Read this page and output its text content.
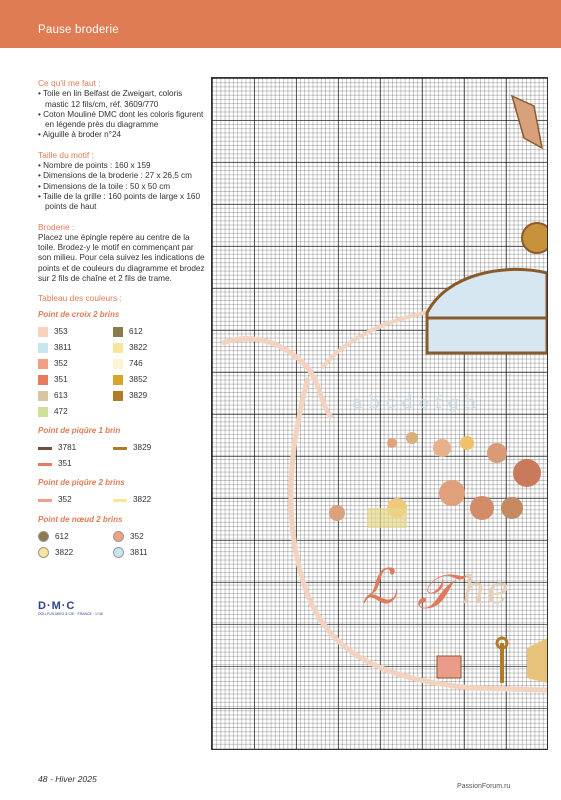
Pause broderie
Ce qu'il me faut :
• Toile en lin Belfast de Zweigart, coloris mastic 12 fils/cm, réf. 3609/770
• Coton Mouliné DMC dont les coloris figurent en légende près du diagramme
• Aiguille à broder n°24
Taille du motif :
• Nombre de points : 160 x 159
• Dimensions de la broderie : 27 x 26,5 cm
• Dimensions de la toile : 50 x 50 cm
• Taille de la grille : 160 points de large x 160 points de haut
Broderie :
Placez une épingle repère au centre de la toile. Brodez-y le motif en commençant par son milieu. Pour cela suivez les indications de points et de couleurs du diagramme et brodez sur 2 fils de chaîne et 2 fils de trame.
Tableau des couleurs :
Point de croix 2 brins
353	612
3811	3822
352	746
351	3852
613	3829
472
Point de piqûre 1 brin
3781	3829
351
Point de piqûre 2 brins
352	3822
Point de nœud 2 brins
612	352
3822	3811
D·M·C
DOLLFUS-MIEG & CIE · FRANCE · 1746
a b c d e f g h
ℒ 𝒯 he
48 - Hiver 2025
PassionForum.ru
